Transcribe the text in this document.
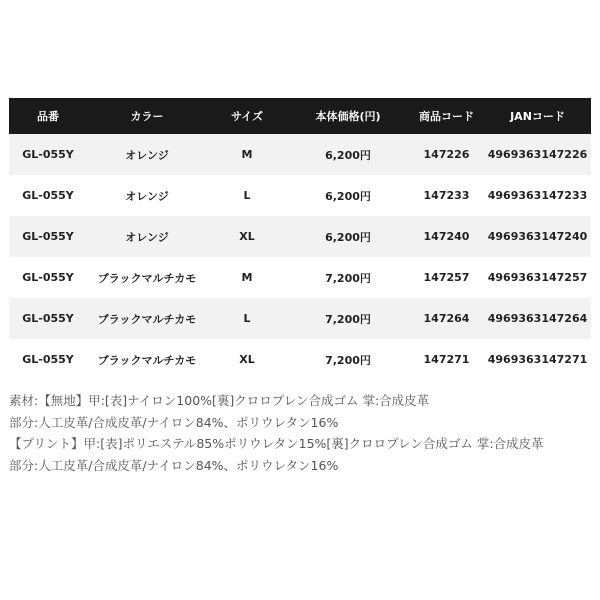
品番	カラー	サイズ	本体価格(円)	商品コード	JANコード
GL-055Y	オレンジ	M	6,200円	147226	4969363147226
GL-055Y	オレンジ	L	6,200円	147233	4969363147233
GL-055Y	オレンジ	XL	6,200円	147240	4969363147240
GL-055Y	ブラックマルチカモ	M	7,200円	147257	4969363147257
GL-055Y	ブラックマルチカモ	L	7,200円	147264	4969363147264
GL-055Y	ブラックマルチカモ	XL	7,200円	147271	4969363147271
素材:【無地】甲:[表]ナイロン100%[裏]クロロプレン合成ゴム 掌:合成皮革
部分:人工皮革/合成皮革/ナイロン84%、ポリウレタン16%
【プリント】甲:[表]ポリエステル85%ポリウレタン15%[裏]クロロプレン合成ゴム 掌:合成皮革
部分:人工皮革/合成皮革/ナイロン84%、ポリウレタン16%
